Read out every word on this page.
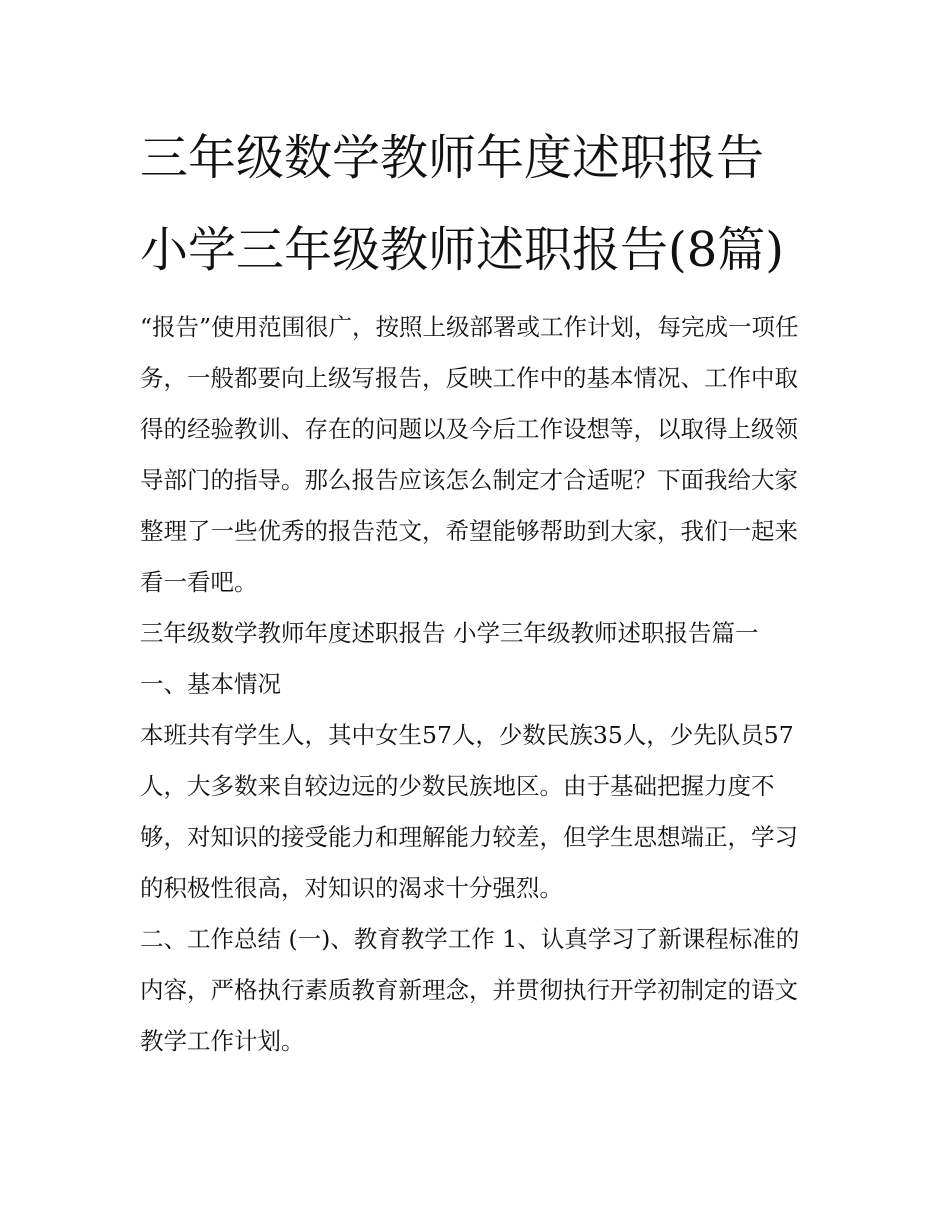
三年级数学教师年度述职报告 小学三年级教师述职报告(8篇)

“报告”使用范围很广，按照上级部署或工作计划，每完成一项任务，一般都要向上级写报告，反映工作中的基本情况、工作中取得的经验教训、存在的问题以及今后工作设想等，以取得上级领导部门的指导。那么报告应该怎么制定才合适呢？下面我给大家整理了一些优秀的报告范文，希望能够帮助到大家，我们一起来看一看吧。

三年级数学教师年度述职报告 小学三年级教师述职报告篇一

一、基本情况

本班共有学生人，其中女生57人，少数民族35人，少先队员57人，大多数来自较边远的少数民族地区。由于基础把握力度不够，对知识的接受能力和理解能力较差，但学生思想端正，学习的积极性很高，对知识的渴求十分强烈。

二、工作总结 (一)、教育教学工作 1、认真学习了新课程标准的内容，严格执行素质教育新理念，并贯彻执行开学初制定的语文教学工作计划。
